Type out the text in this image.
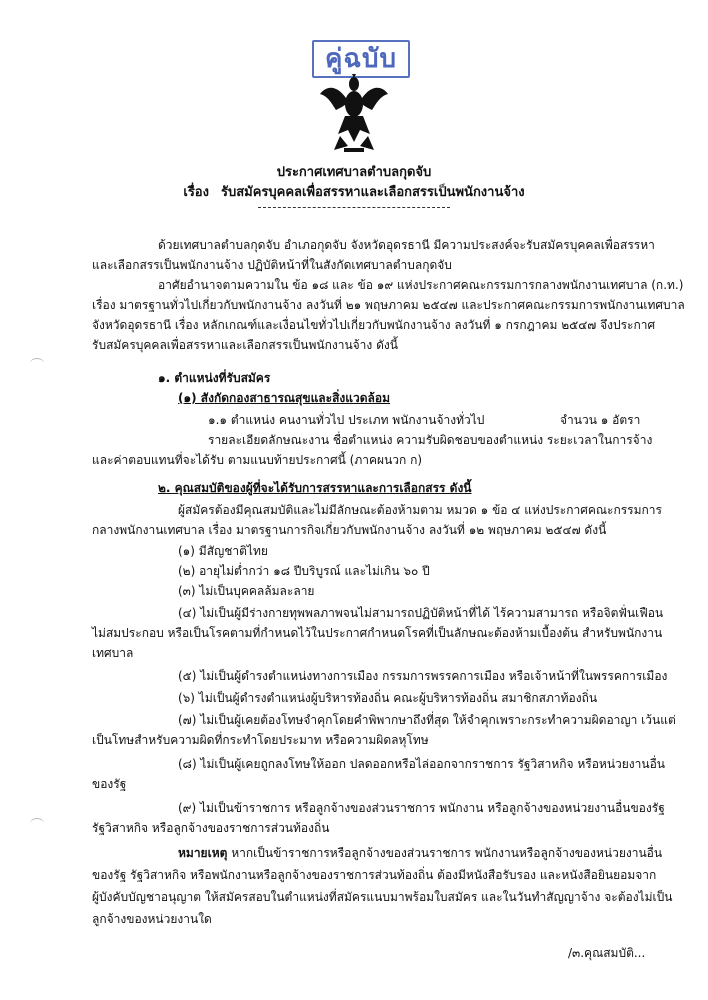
คู่ฉบับ
ประกาศเทศบาลตำบลกุดจับ
เรื่อง รับสมัครบุคคลเพื่อสรรหาและเลือกสรรเป็นพนักงานจ้าง
ด้วยเทศบาลตำบลกุดจับ อำเภอกุดจับ จังหวัดอุดรธานี มีความประสงค์จะรับสมัครบุคคลเพื่อสรรหา
และเลือกสรรเป็นพนักงานจ้าง ปฏิบัติหน้าที่ในสังกัดเทศบาลตำบลกุดจับ
อาศัยอำนาจตามความใน ข้อ ๑๘ และ ข้อ ๑๙ แห่งประกาศคณะกรรมการกลางพนักงานเทศบาล (ก.ท.)
เรื่อง มาตรฐานทั่วไปเกี่ยวกับพนักงานจ้าง ลงวันที่ ๒๑ พฤษภาคม ๒๕๔๗ และประกาศคณะกรรมการพนักงานเทศบาล
จังหวัดอุดรธานี เรื่อง หลักเกณฑ์และเงื่อนไขทั่วไปเกี่ยวกับพนักงานจ้าง ลงวันที่ ๑ กรกฎาคม ๒๕๔๗ จึงประกาศ
รับสมัครบุคคลเพื่อสรรหาและเลือกสรรเป็นพนักงานจ้าง ดังนี้
๑. ตำแหน่งที่รับสมัคร
(๑) สังกัดกองสาธารณสุขและสิ่งแวดล้อม
๑.๑ ตำแหน่ง คนงานทั่วไป ประเภท พนักงานจ้างทั่วไป	จำนวน ๑ อัตรา
รายละเอียดลักษณะงาน ชื่อตำแหน่ง ความรับผิดชอบของตำแหน่ง ระยะเวลาในการจ้าง
และค่าตอบแทนที่จะได้รับ ตามแนบท้ายประกาศนี้ (ภาคผนวก ก)
๒. คุณสมบัติของผู้ที่จะได้รับการสรรหาและการเลือกสรร ดังนี้
ผู้สมัครต้องมีคุณสมบัติและไม่มีลักษณะต้องห้ามตาม หมวด ๑ ข้อ ๔ แห่งประกาศคณะกรรมการ
กลางพนักงานเทศบาล เรื่อง มาตรฐานการกิจเกี่ยวกับพนักงานจ้าง ลงวันที่ ๑๒ พฤษภาคม ๒๕๔๗ ดังนี้
(๑) มีสัญชาติไทย
(๒) อายุไม่ต่ำกว่า ๑๘ ปีบริบูรณ์ และไม่เกิน ๖๐ ปี
(๓) ไม่เป็นบุคคลล้มละลาย
(๔) ไม่เป็นผู้มีร่างกายทุพพลภาพจนไม่สามารถปฏิบัติหน้าที่ได้ ไร้ความสามารถ หรือจิตฟั่นเฟือน
ไม่สมประกอบ หรือเป็นโรคตามที่กำหนดไว้ในประกาศกำหนดโรคที่เป็นลักษณะต้องห้ามเบื้องต้น สำหรับพนักงาน
เทศบาล
(๕) ไม่เป็นผู้ดำรงตำแหน่งทางการเมือง กรรมการพรรคการเมือง หรือเจ้าหน้าที่ในพรรคการเมือง
(๖) ไม่เป็นผู้ดำรงตำแหน่งผู้บริหารท้องถิ่น คณะผู้บริหารท้องถิ่น สมาชิกสภาท้องถิ่น
(๗) ไม่เป็นผู้เคยต้องโทษจำคุกโดยคำพิพากษาถึงที่สุด ให้จำคุกเพราะกระทำความผิดอาญา เว้นแต่
เป็นโทษสำหรับความผิดที่กระทำโดยประมาท หรือความผิดลหุโทษ
(๘) ไม่เป็นผู้เคยถูกลงโทษให้ออก ปลดออกหรือไล่ออกจากราชการ รัฐวิสาหกิจ หรือหน่วยงานอื่น
ของรัฐ
(๙) ไม่เป็นข้าราชการ หรือลูกจ้างของส่วนราชการ พนักงาน หรือลูกจ้างของหน่วยงานอื่นของรัฐ
รัฐวิสาหกิจ หรือลูกจ้างของราชการส่วนท้องถิ่น
หมายเหตุ หากเป็นข้าราชการหรือลูกจ้างของส่วนราชการ พนักงานหรือลูกจ้างของหน่วยงานอื่น
ของรัฐ รัฐวิสาหกิจ หรือพนักงานหรือลูกจ้างของราชการส่วนท้องถิ่น ต้องมีหนังสือรับรอง และหนังสือยินยอมจาก
ผู้บังคับบัญชาอนุญาต ให้สมัครสอบในตำแหน่งที่สมัครแนบมาพร้อมใบสมัคร และในวันทำสัญญาจ้าง จะต้องไม่เป็น
ลูกจ้างของหน่วยงานใด
/๓.คุณสมบัติ...
